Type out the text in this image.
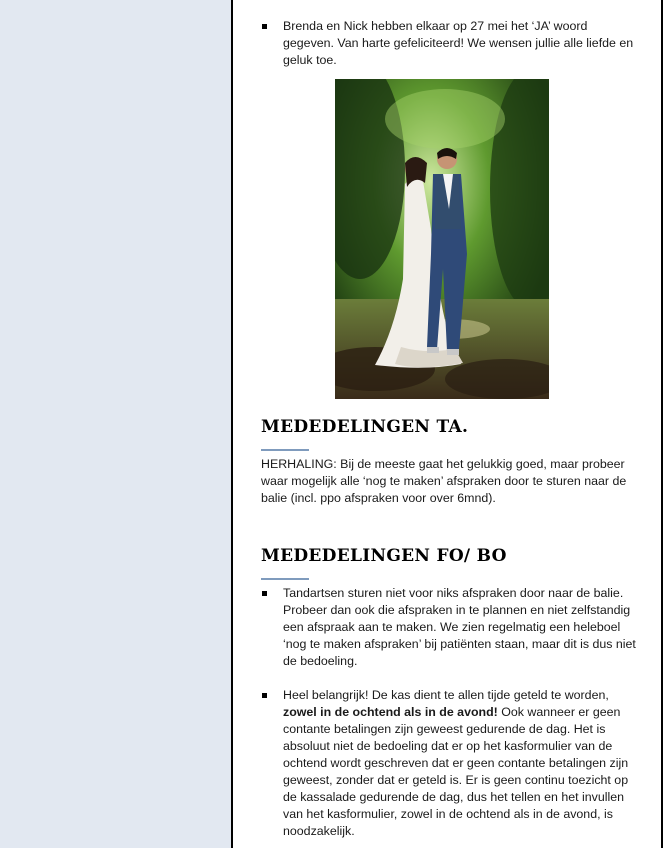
Brenda en Nick hebben elkaar op 27 mei het ‘JA’ woord gegeven. Van harte gefeliciteerd! We wensen jullie alle liefde en geluk toe.
MEDEDELINGEN TA.

HERHALING: Bij de meeste gaat het gelukkig goed, maar probeer waar mogelijk alle ‘nog te maken’ afspraken door te sturen naar de balie (incl. ppo afspraken voor over 6mnd).

MEDEDELINGEN FO/ BO
Tandartsen sturen niet voor niks afspraken door naar de balie. Probeer dan ook die afspraken in te plannen en niet zelfstandig een afspraak aan te maken. We zien regelmatig een heleboel ‘nog te maken afspraken’ bij patiënten staan, maar dit is dus niet de bedoeling.
Heel belangrijk! De kas dient te allen tijde geteld te worden, zowel in de ochtend als in de avond! Ook wanneer er geen contante betalingen zijn geweest gedurende de dag. Het is absoluut niet de bedoeling dat er op het kasformulier van de ochtend wordt geschreven dat er geen contante betalingen zijn geweest, zonder dat er geteld is. Er is geen continu toezicht op de kassalade gedurende de dag, dus het tellen en het invullen van het kasformulier, zowel in de ochtend als in de avond, is noodzakelijk.
